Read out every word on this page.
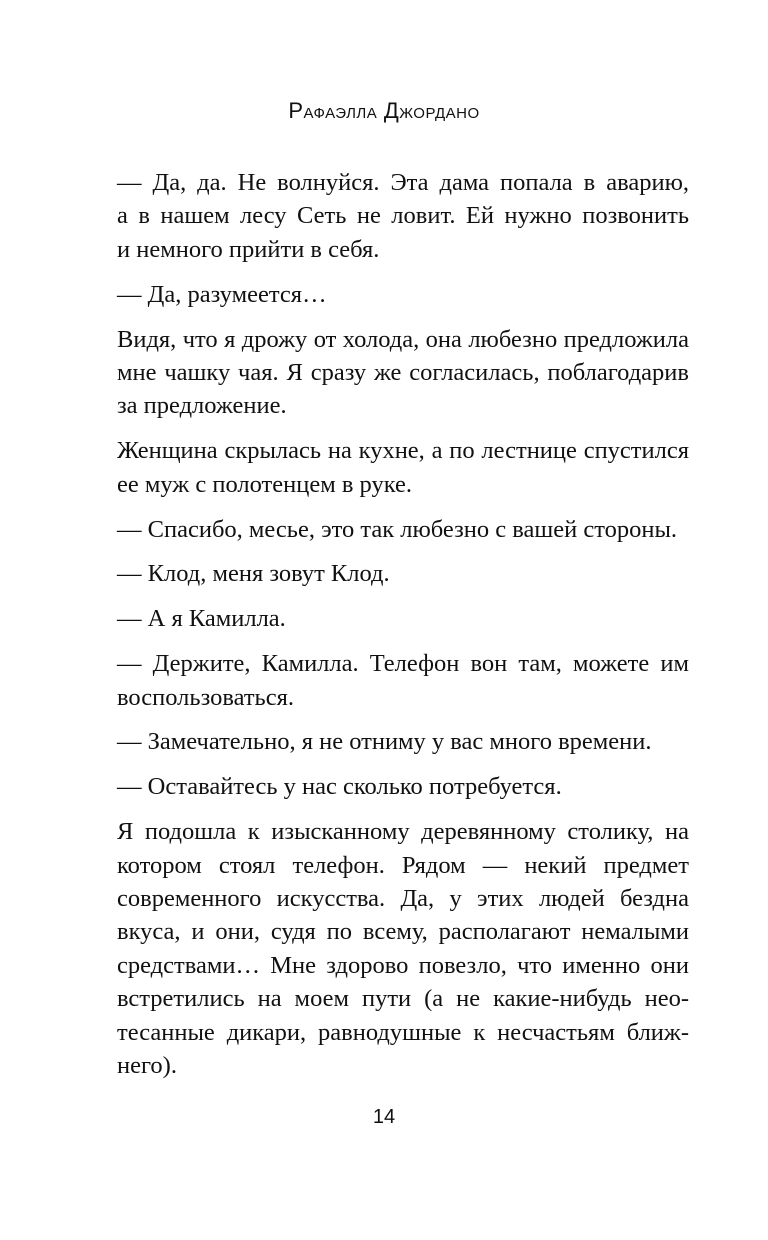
Рафаэлла Джордано
— Да, да. Не волнуйся. Эта дама попала в аварию,
а в нашем лесу Сеть не ловит. Ей нужно позвонить
и немного прийти в себя.
— Да, разумеется…
Видя, что я дрожу от холода, она любезно предложила
мне чашку чая. Я сразу же согласилась, поблагодарив
за предложение.
Женщина скрылась на кухне, а по лестнице спустился
ее муж с полотенцем в руке.
— Спасибо, месье, это так любезно с вашей стороны.
— Клод, меня зовут Клод.
— А я Камилла.
— Держите, Камилла. Телефон вон там, можете им
воспользоваться.
— Замечательно, я не отниму у вас много времени.
— Оставайтесь у нас сколько потребуется.
Я подошла к изысканному деревянному столику, на
котором стоял телефон. Рядом — некий предмет
современного искусства. Да, у этих людей бездна
вкуса, и они, судя по всему, располагают немалыми
средствами… Мне здорово повезло, что именно они
встретились на моем пути (а не какие-нибудь нео-
тесанные дикари, равнодушные к несчастьям ближ-
него).
14
